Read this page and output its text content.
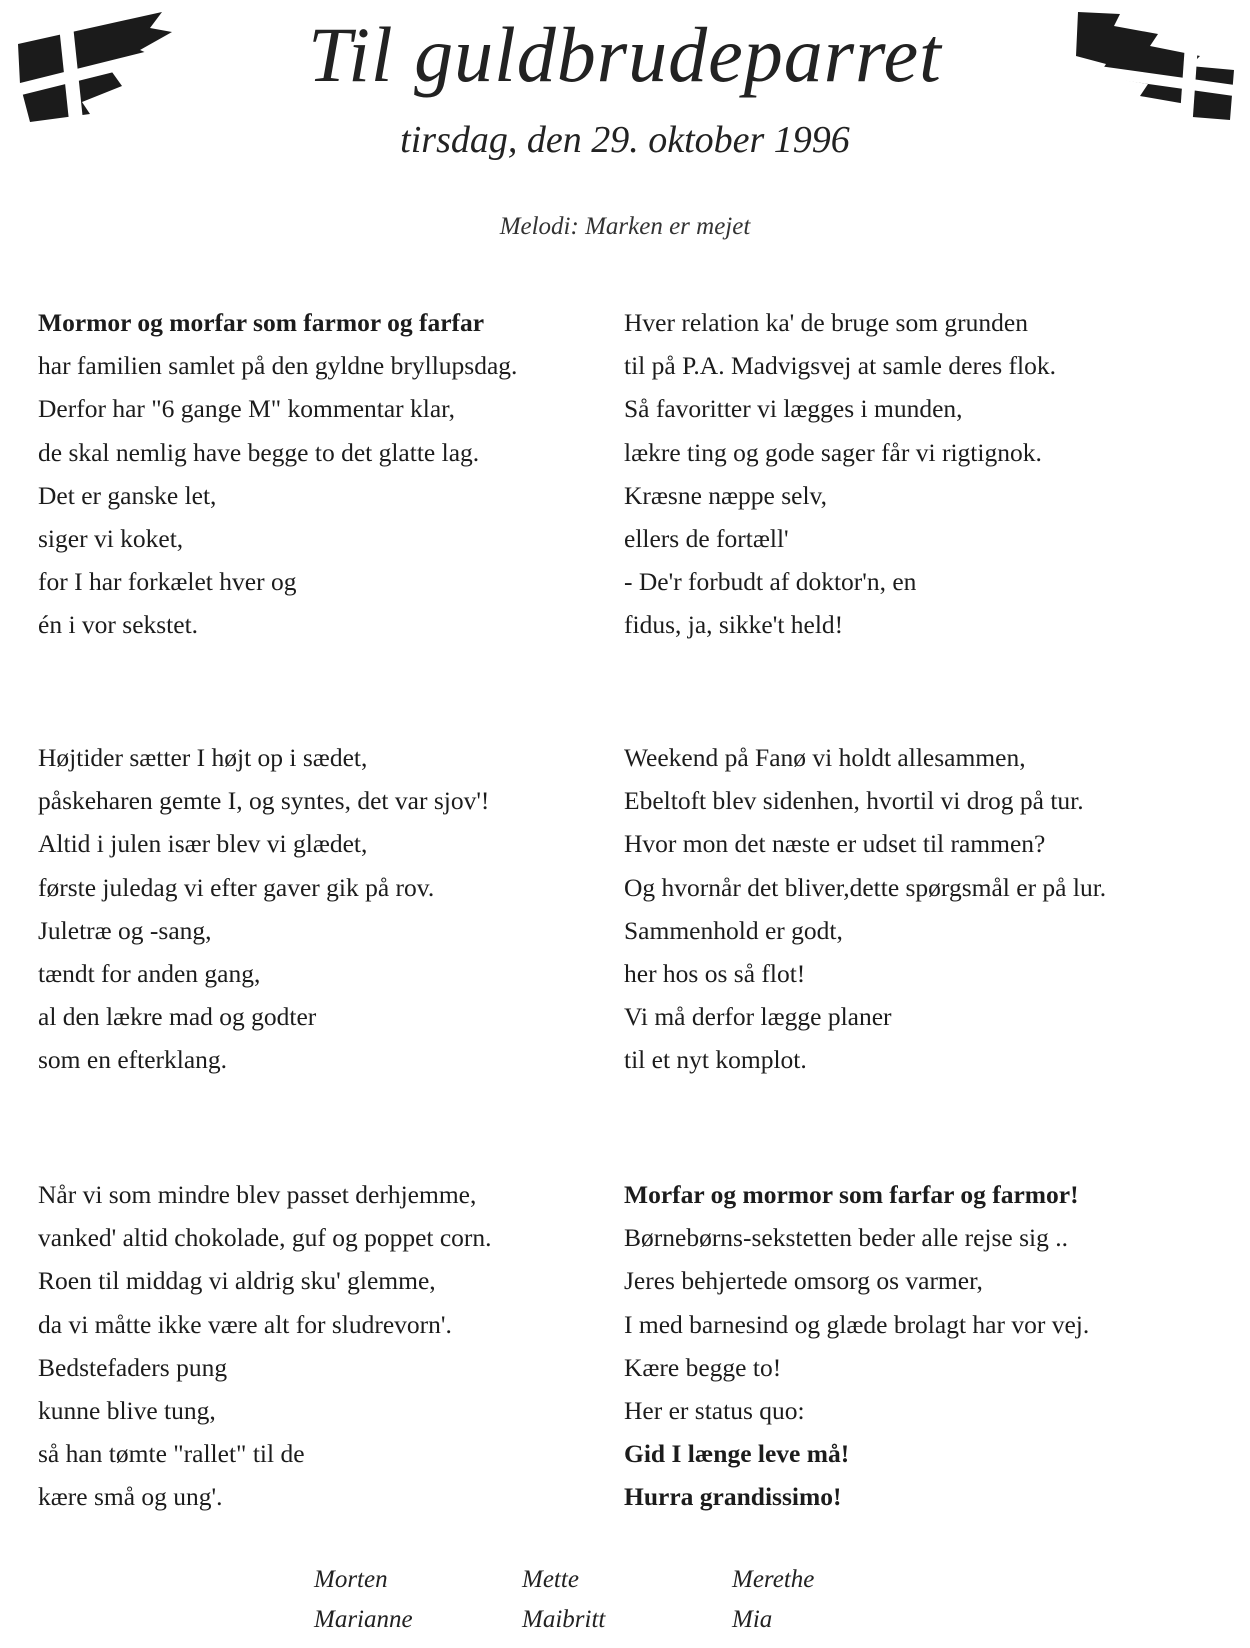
Til guldbrudeparret
tirsdag, den 29. oktober 1996
Melodi: Marken er mejet
Mormor og morfar som farmor og farfar
har familien samlet på den gyldne bryllupsdag.
Derfor har "6 gange M" kommentar klar,
de skal nemlig have begge to det glatte lag.
Det er ganske let,
siger vi koket,
for I har forkælet hver og
én i vor sekstet.
Hver relation ka' de bruge som grunden
til på P.A. Madvigsvej at samle deres flok.
Så favoritter vi lægges i munden,
lækre ting og gode sager får vi rigtignok.
Kræsne næppe selv,
ellers de fortæll'
- De'r forbudt af doktor'n, en
fidus, ja, sikke't held!
Højtider sætter I højt op i sædet,
påskeharen gemte I, og syntes, det var sjov'!
Altid i julen især blev vi glædet,
første juledag vi efter gaver gik på rov.
Juletræ og -sang,
tændt for anden gang,
al den lækre mad og godter
som en efterklang.
Weekend på Fanø vi holdt allesammen,
Ebeltoft blev sidenhen, hvortil vi drog på tur.
Hvor mon det næste er udset til rammen?
Og hvornår det bliver,dette spørgsmål er på lur.
Sammenhold er godt,
her hos os så flot!
Vi må derfor lægge planer
til et nyt komplot.
Når vi som mindre blev passet derhjemme,
vanked' altid chokolade, guf og poppet corn.
Roen til middag vi aldrig sku' glemme,
da vi måtte ikke være alt for sludrevorn'.
Bedstefaders pung
kunne blive tung,
så han tømte "rallet" til de
kære små og ung'.
Morfar og mormor som farfar og farmor!
Børnebørns-sekstetten beder alle rejse sig ..
Jeres behjertede omsorg os varmer,
I med barnesind og glæde brolagt har vor vej.
Kære begge to!
Her er status quo:
Gid I længe leve må!
Hurra grandissimo!
Morten	Mette	Merethe
Marianne	Maibritt	Mia
